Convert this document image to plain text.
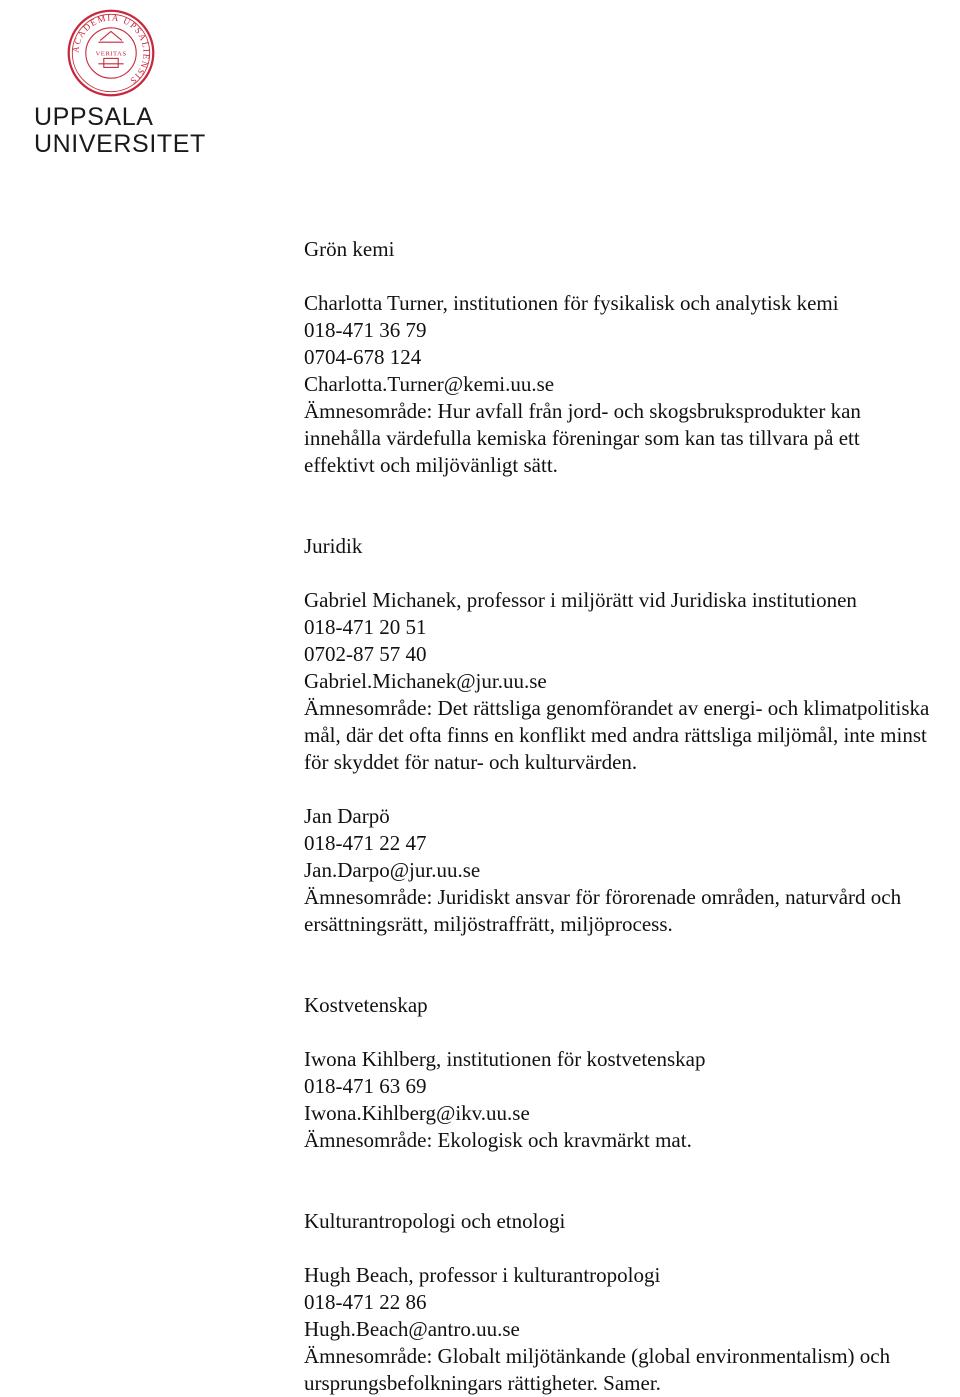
ACADEMIA UPSALIENSIS
VERITAS
UPPSALA
UNIVERSITET

Grön kemi

Charlotta Turner, institutionen för fysikalisk och analytisk kemi

018-471 36 79

0704-678 124

Charlotta.Turner@kemi.uu.se

Ämnesområde: Hur avfall från jord- och skogsbruksprodukter kan innehålla värdefulla kemiska föreningar som kan tas tillvara på ett effektivt och miljövänligt sätt.

Juridik

Gabriel Michanek, professor i miljörätt vid Juridiska institutionen

018-471 20 51

0702-87 57 40

Gabriel.Michanek@jur.uu.se

Ämnesområde: Det rättsliga genomförandet av energi- och klimatpolitiska mål, där det ofta finns en konflikt med andra rättsliga miljömål, inte minst för skyddet för natur- och kulturvärden.

Jan Darpö

018-471 22 47

Jan.Darpo@jur.uu.se

Ämnesområde: Juridiskt ansvar för förorenade områden, naturvård och ersättningsrätt, miljöstraffrätt, miljöprocess.

Kostvetenskap

Iwona Kihlberg, institutionen för kostvetenskap

018-471 63 69

Iwona.Kihlberg@ikv.uu.se

Ämnesområde: Ekologisk och kravmärkt mat.

Kulturantropologi och etnologi

Hugh Beach, professor i kulturantropologi

018-471 22 86

Hugh.Beach@antro.uu.se

Ämnesområde: Globalt miljötänkande (global environmentalism) och ursprungsbefolkningars rättigheter. Samer.
